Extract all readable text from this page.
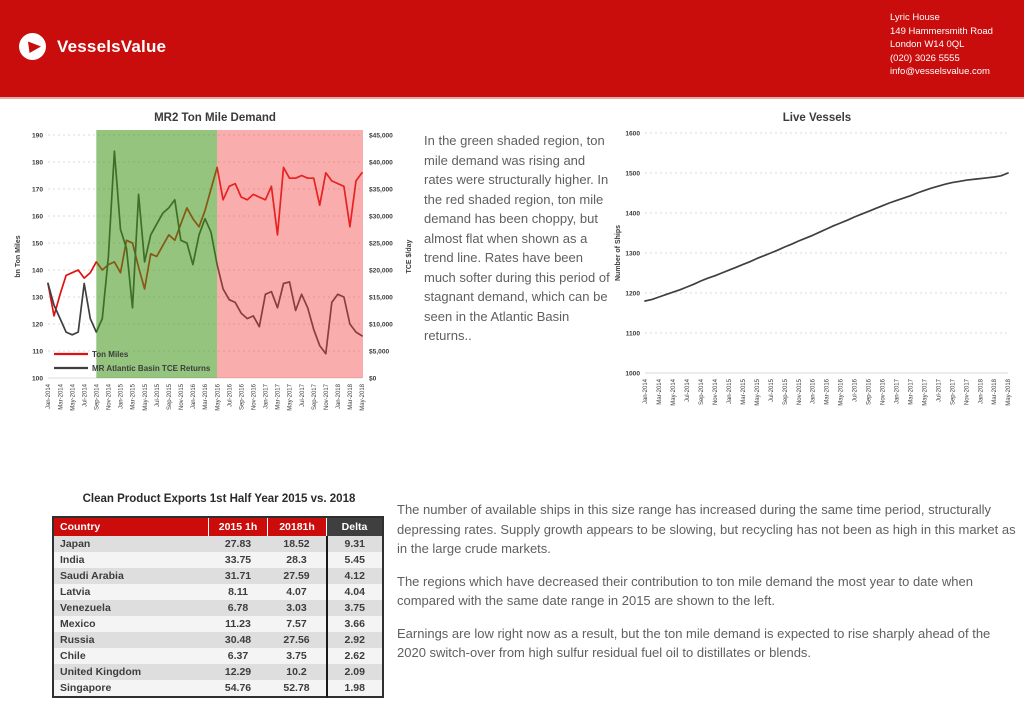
VesselsValue
Lyric House
149 Hammersmith Road
London W14 0QL
(020) 3026 5555
info@vesselsvalue.com
MR2 Ton Mile Demand
100
110
120
130
140
150
160
170
180
190
$0
$5,000
$10,000
$15,000
$20,000
$25,000
$30,000
$35,000
$40,000
$45,000
Jan-2014 Mar-2014 May-2014 Jul-2014 Sep-2014 Nov-2014 Jan-2015 Mar-2015 May-2015 Jul-2015 Sep-2015 Nov-2015 Jan-2016 Mar-2016 May-2016 Jul-2016 Sep-2016 Nov-2016 Jan-2017 Mar-2017 May-2017 Jul-2017 Sep-2017 Nov-2017 Jan-2018 Mar-2018 May-2018
bn Ton Miles	TCE $/day
Ton Miles
MR Atlantic Basin TCE Returns
In the green shaded region, ton mile demand was rising and rates were structurally higher. In the red shaded region, ton mile demand has been choppy, but almost flat when shown as a trend line. Rates have been much softer during this period of stagnant demand, which can be seen in the Atlantic Basin returns..
Live Vessels
1000
1100
1200
1300
1400
1500
1600
Jan-2014 Mar-2014 May-2014 Jul-2014 Sep-2014 Nov-2014 Jan-2015 Mar-2015 May-2015 Jul-2015 Sep-2015 Nov-2015 Jan-2016 Mar-2016 May-2016 Jul-2016 Sep-2016 Nov-2016 Jan-2017 Mar-2017 May-2017 Jul-2017 Sep-2017 Nov-2017 Jan-2018 Mar-2018 May-2018
Number of Ships
Clean Product Exports 1st Half Year 2015 vs. 2018
Country	2015 1h	20181h	Delta
Japan	27.83	18.52	9.31
India	33.75	28.3	5.45
Saudi Arabia	31.71	27.59	4.12
Latvia	8.11	4.07	4.04
Venezuela	6.78	3.03	3.75
Mexico	11.23	7.57	3.66
Russia	30.48	27.56	2.92
Chile	6.37	3.75	2.62
United Kingdom	12.29	10.2	2.09
Singapore	54.76	52.78	1.98

The number of available ships in this size range has increased during the same time period, structurally depressing rates. Supply growth appears to be slowing, but recycling has not been as high in this market as in the large crude markets.

The regions which have decreased their contribution to ton mile demand the most year to date when compared with the same date range in 2015 are shown to the left.

Earnings are low right now as a result, but the ton mile demand is expected to rise sharply ahead of the 2020 switch-over from high sulfur residual fuel oil to distillates or blends.
